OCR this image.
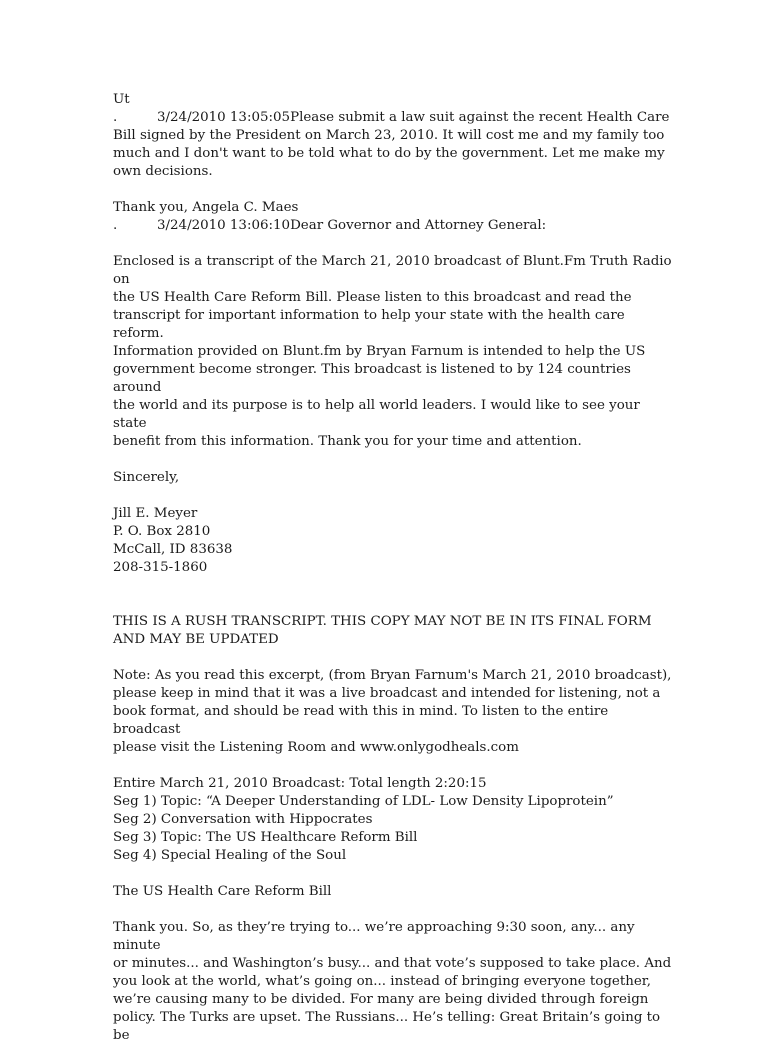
Ut

.	3/24/2010 13:05:05 Please submit a law suit against the recent Health Care

Bill signed by the President on March 23, 2010. It will cost me and my family too

much and I don't want to be told what to do by the government. Let me make my

own decisions.

Thank you, Angela C. Maes

.	3/24/2010 13:06:10 Dear Governor and Attorney General:

Enclosed is a transcript of the March 21, 2010 broadcast of Blunt.Fm Truth Radio on

the US Health Care Reform Bill. Please listen to this broadcast and read the

transcript for important information to help your state with the health care reform.

Information provided on Blunt.fm by Bryan Farnum is intended to help the US

government become stronger. This broadcast is listened to by 124 countries around

the world and its purpose is to help all world leaders. I would like to see your state

benefit from this information. Thank you for your time and attention.

Sincerely,

Jill E. Meyer

P. O. Box 2810

McCall, ID 83638

208-315-1860

THIS IS A RUSH TRANSCRIPT. THIS COPY MAY NOT BE IN ITS FINAL FORM

AND MAY BE UPDATED

Note: As you read this excerpt, (from Bryan Farnum's March 21, 2010 broadcast),

please keep in mind that it was a live broadcast and intended for listening, not a

book format, and should be read with this in mind. To listen to the entire broadcast

please visit the Listening Room and www.onlygodheals.com

Entire March 21, 2010 Broadcast: Total length 2:20:15

Seg 1) Topic: “A Deeper Understanding of LDL- Low Density Lipoprotein”

Seg 2) Conversation with Hippocrates

Seg 3) Topic: The US Healthcare Reform Bill

Seg 4) Special Healing of the Soul

The US Health Care Reform Bill

Thank you. So, as they’re trying to... we’re approaching 9:30 soon, any... any minute

or minutes... and Washington’s busy... and that vote’s supposed to take place. And

you look at the world, what’s going on... instead of bringing everyone together,

we’re causing many to be divided. For many are being divided through foreign

policy. The Turks are upset. The Russians... He’s telling: Great Britain’s going to be
